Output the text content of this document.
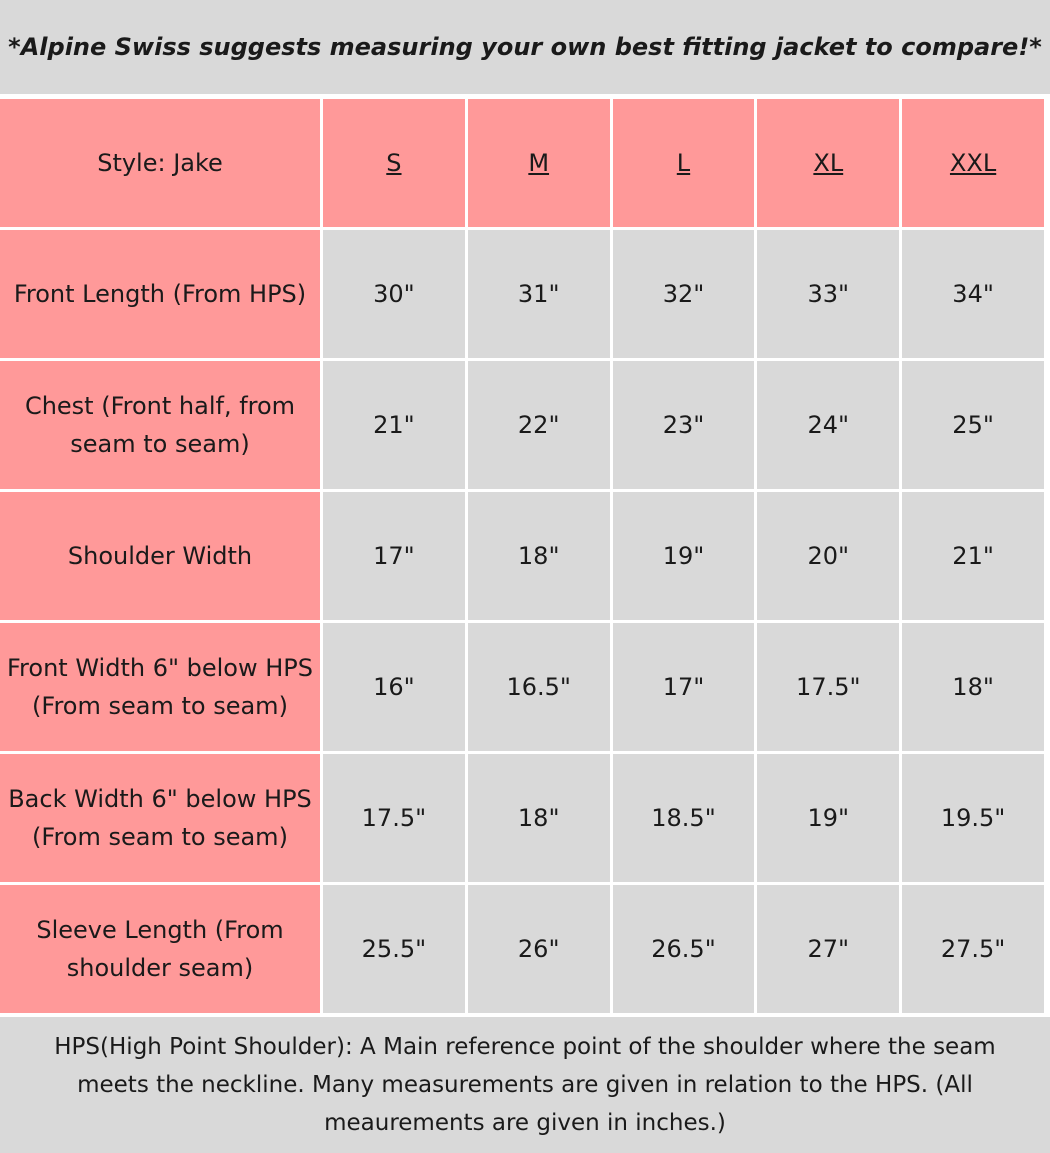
*Alpine Swiss suggests measuring your own best fitting jacket to compare!*
Style: Jake	S	M	L	XL	XXL
Front Length (From HPS)	30"	31"	32"	33"	34"
Chest (Front half, from seam to seam)	21"	22"	23"	24"	25"
Shoulder Width	17"	18"	19"	20"	21"
Front Width 6" below HPS (From seam to seam)	16"	16.5"	17"	17.5"	18"
Back Width 6" below HPS (From seam to seam)	17.5"	18"	18.5"	19"	19.5"
Sleeve Length (From shoulder seam)	25.5"	26"	26.5"	27"	27.5"
HPS(High Point Shoulder): A Main reference point of the shoulder where the seam meets the neckline. Many measurements are given in relation to the HPS. (All meaurements are given in inches.)
